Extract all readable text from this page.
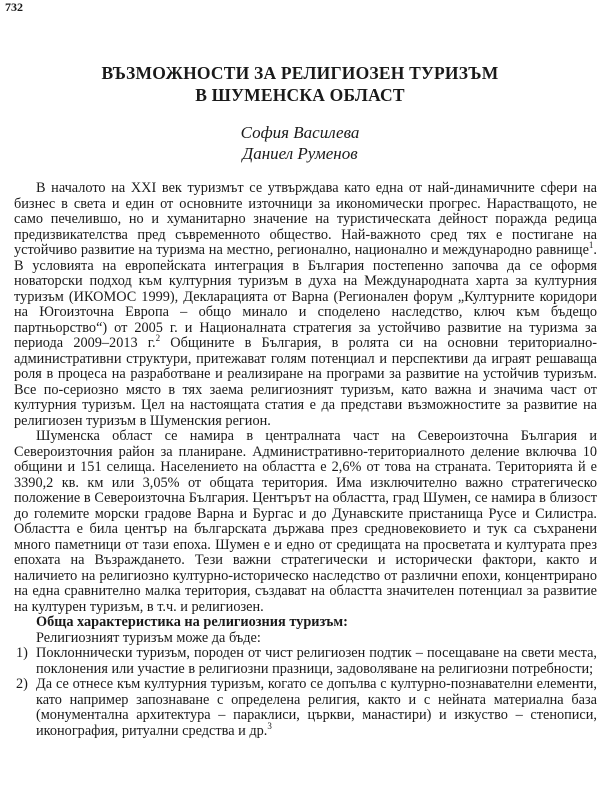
732
ВЪЗМОЖНОСТИ ЗА РЕЛИГИОЗЕН ТУРИЗЪМ
В ШУМЕНСКА ОБЛАСТ
София Василева
Даниел Руменов

В началото на XXI век туризмът се утвърждава като една от най-динамичните сфери на бизнес в света и един от основните източници за икономически прогрес. Нарастващото, не само печелившо, но и хуманитарно значение на туристическата дейност поражда редица предизвикателства пред съвременното общество. Най-важното сред тях е постигане на устойчиво развитие на туризма на местно, регионално, национално и международно равнище$^1$. В условията на европейската интеграция в България постепенно започва да се оформя новаторски подход към културния туризъм в духа на Международната харта за културния туризъм (ИКОМОС 1999), Декларацията от Варна (Регионален форум „Културните коридори на Югоизточна Европа – общо минало и споделено наследство, ключ към бъдещо партньорство“) от 2005 г. и Националната стратегия за устойчиво развитие на туризма за периода 2009–2013 г.$^2$ Общините в България, в ролята си на основни териториално-административни структури, притежават голям потенциал и перспективи да играят решаваща роля в процеса на разработване и реализиране на програми за развитие на устойчив туризъм. Все по-сериозно място в тях заема религиозният туризъм, като важна и значима част от културния туризъм. Цел на настоящата статия е да представи възможностите за развитие на религиозен туризъм в Шуменския регион.

Шуменска област се намира в централната част на Североизточна България и Североизточния район за планиране. Административно-териториалното деление включва 10 общини и 151 селища. Населението на областта е 2,6% от това на страната. Територията й е 3390,2 кв. км или 3,05% от общата територия. Има изключително важно стратегическо положение в Североизточна България. Центърът на областта, град Шумен, се намира в близост до големите морски градове Варна и Бургас и до Дунавските пристанища Русе и Силистра. Областта е била център на българската държава през средновековието и тук са съхранени много паметници от тази епоха. Шумен е и едно от средищата на просветата и културата през епохата на Възраждането. Тези важни стратегически и исторически фактори, както и наличието на религиозно културно-историческо наследство от различни епохи, концентрирано на една сравнително малка територия, създават на областта значителен потенциал за развитие на културен туризъм, в т.ч. и религиозен.

Обща характеристика на религиозния туризъм:
Религиозният туризъм може да бъде:
1) Поклоннически туризъм, породен от чист религиозен подтик – посещаване на свети места, поклонения или участие в религиозни празници, задоволяване на религиозни потребности;
2) Да се отнесе към културния туризъм, когато се допълва с културно-познавателни елементи, като например запознаване с определена религия, както и с нейната материална база (монументална архитектура – параклиси, църкви, манастири) и изкуство – стенописи, иконография, ритуални средства и др.$^3$
